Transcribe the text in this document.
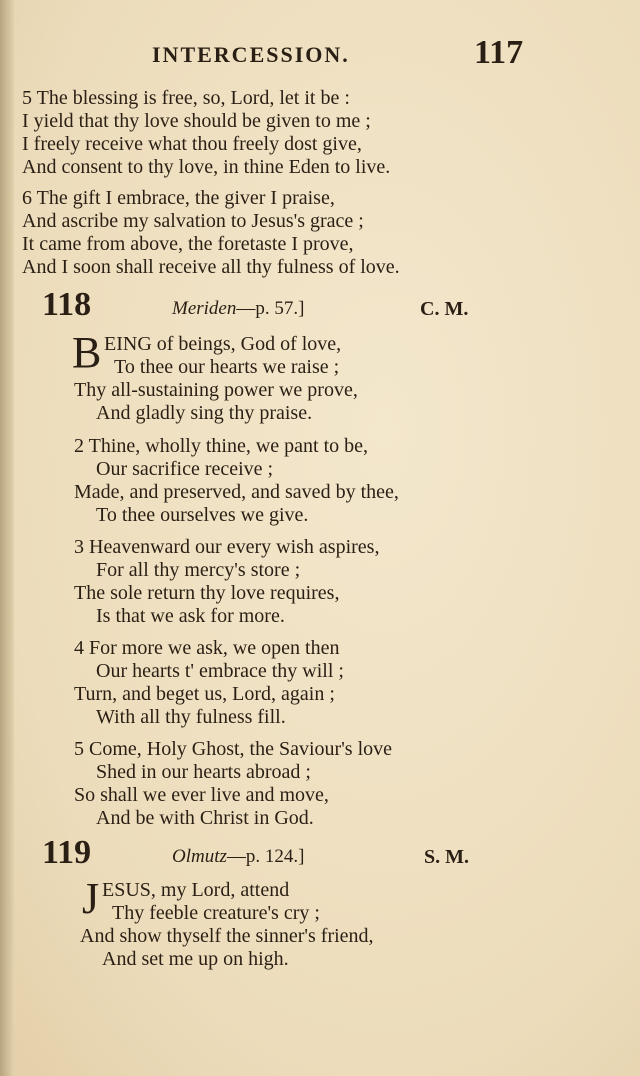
INTERCESSION.	117
5 The blessing is free, so, Lord, let it be :
I yield that thy love should be given to me ;
I freely receive what thou freely dost give,
And consent to thy love, in thine Eden to live.
6 The gift I embrace, the giver I praise,
And ascribe my salvation to Jesus's grace ;
It came from above, the foretaste I prove,
And I soon shall receive all thy fulness of love.
118	Meriden—p. 57.]	C. M.
B EING of beings, God of love,
To thee our hearts we raise ;
Thy all-sustaining power we prove,
And gladly sing thy praise.
2 Thine, wholly thine, we pant to be,
Our sacrifice receive ;
Made, and preserved, and saved by thee,
To thee ourselves we give.
3 Heavenward our every wish aspires,
For all thy mercy's store ;
The sole return thy love requires,
Is that we ask for more.
4 For more we ask, we open then
Our hearts t' embrace thy will ;
Turn, and beget us, Lord, again ;
With all thy fulness fill.
5 Come, Holy Ghost, the Saviour's love
Shed in our hearts abroad ;
So shall we ever live and move,
And be with Christ in God.
119	Olmutz—p. 124.]	S. M.
J ESUS, my Lord, attend
Thy feeble creature's cry ;
And show thyself the sinner's friend,
And set me up on high.
